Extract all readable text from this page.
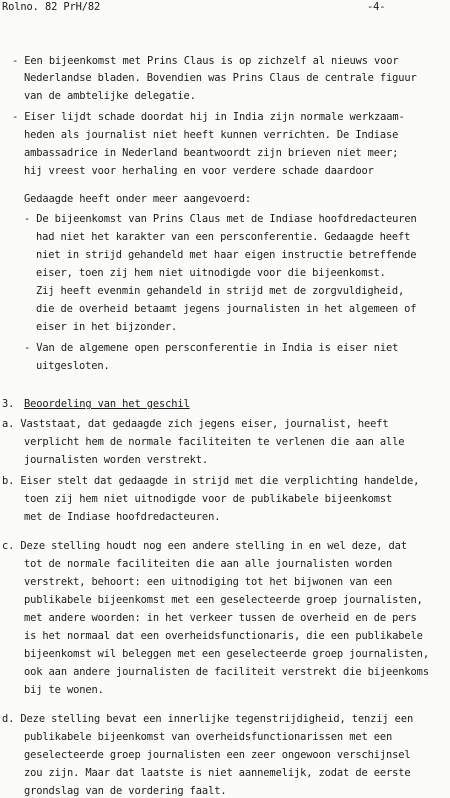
Rolno. 82 PrH/82	-4-
- Een bijeenkomst met Prins Claus is op zichzelf al nieuws voor
Nederlandse bladen. Bovendien was Prins Claus de centrale figuur
van de ambtelijke delegatie.
- Eiser lijdt schade doordat hij in India zijn normale werkzaam-
heden als journalist niet heeft kunnen verrichten. De Indiase
ambassadrice in Nederland beantwoordt zijn brieven niet meer;
hij vreest voor herhaling en voor verdere schade daardoor
Gedaagde heeft onder meer aangevoerd:
- De bijeenkomst van Prins Claus met de Indiase hoofdredacteuren
had niet het karakter van een persconferentie. Gedaagde heeft
niet in strijd gehandeld met haar eigen instructie betreffende
eiser, toen zij hem niet uitnodigde voor die bijeenkomst.
Zij heeft evenmin gehandeld in strijd met de zorgvuldigheid,
die de overheid betaamt jegens journalisten in het algemeen of
eiser in het bijzonder.
- Van de algemene open persconferentie in India is eiser niet
uitgesloten.
3. Beoordeling van het geschil
a. Vaststaat, dat gedaagde zich jegens eiser, journalist, heeft
verplicht hem de normale faciliteiten te verlenen die aan alle
journalisten worden verstrekt.
b. Eiser stelt dat gedaagde in strijd met die verplichting handelde,
toen zij hem niet uitnodigde voor de publikabele bijeenkomst
met de Indiase hoofdredacteuren.
c. Deze stelling houdt nog een andere stelling in en wel deze, dat
tot de normale faciliteiten die aan alle journalisten worden
verstrekt, behoort: een uitnodiging tot het bijwonen van een
publikabele bijeenkomst met een geselecteerde groep journalisten,
met andere woorden: in het verkeer tussen de overheid en de pers
is het normaal dat een overheidsfunctionaris, die een publikabele
bijeenkomst wil beleggen met een geselecteerde groep journalisten,
ook aan andere journalisten de faciliteit verstrekt die bijeenkoms
bij te wonen.
d. Deze stelling bevat een innerlijke tegenstrijdigheid, tenzij een
publikabele bijeenkomst van overheidsfunctionarissen met een
geselecteerde groep journalisten een zeer ongewoon verschijnsel
zou zijn. Maar dat laatste is niet aannemelijk, zodat de eerste
grondslag van de vordering faalt.
